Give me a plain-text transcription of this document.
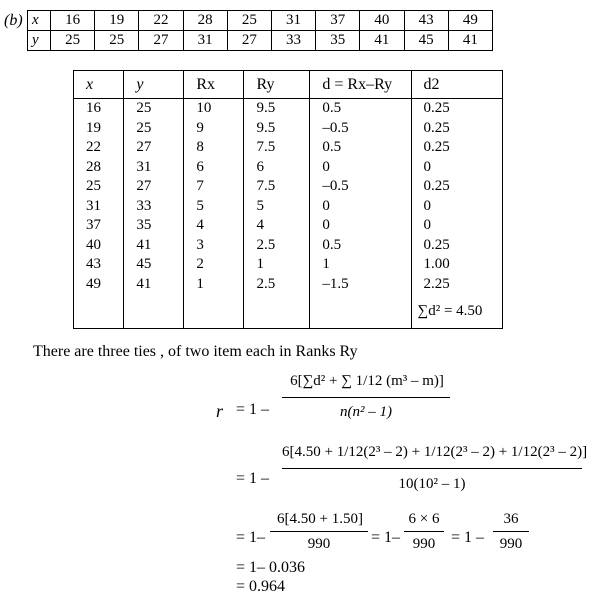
(b) x	16	19	22	28	25	31	37	40	43	49
y	25	25	27	31	27	33	35	41	45	41
x	y	Rx	Ry	d = Rx–Ry	d2
16	25	10	9.5	0.5	0.25
19	25	9	9.5	–0.5	0.25
22	27	8	7.5	0.5	0.25
28	31	6	6	0	0
25	27	7	7.5	–0.5	0.25
31	33	5	5	0	0
37	35	4	4	0	0
40	41	3	2.5	0.5	0.25
43	45	2	1	1	1.00
49	41	1	2.5	–1.5	2.25
					∑d² = 4.50
There are three ties , of two item each in Ranks Ry
r = 1 –
6[∑d² + ∑ 1/12 (m³ – m)]
n(n² – 1)
= 1 –
6[4.50 + 1/12(2³ – 2) + 1/12(2³ – 2) + 1/12(2³ – 2)]
10(10² – 1)
= 1–
6[4.50 + 1.50]
990	= 1–
6 × 6
990 = 1 –
36
990
= 1– 0.036
= 0.964
